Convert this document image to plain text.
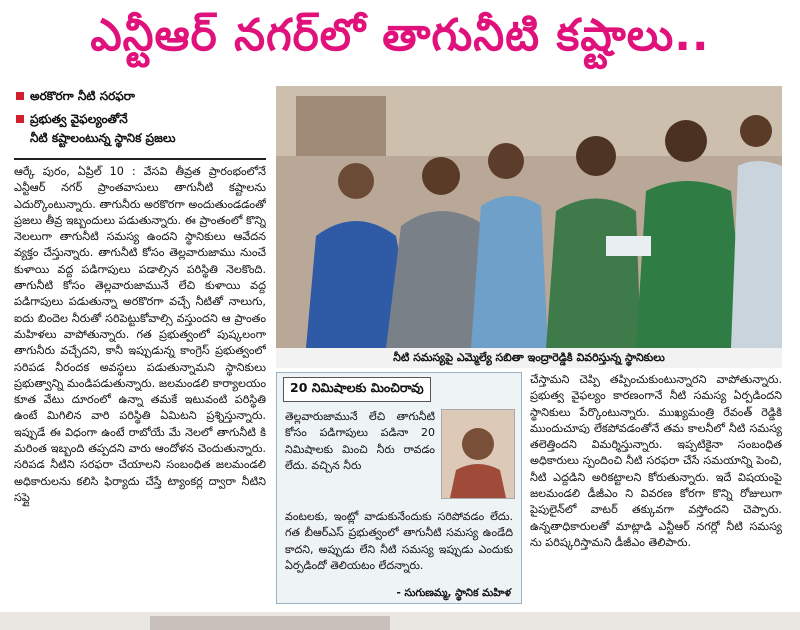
ఎన్టీఆర్ నగర్‌లో తాగునీటి కష్టాలు..
అరకొరగా నీటి సరఫరా
ప్రభుత్వ వైఫల్యంతోనే
నీటి కష్టాలంటున్న స్థానిక ప్రజలు

ఆర్కే పురం, ఏప్రిల్ 10 : వేసవి తీవ్రత ప్రారంభంలోనే ఎన్టీఆర్ నగర్ ప్రాంతవాసులు తాగునీటి కష్టాలను ఎదుర్కొంటున్నారు. తాగునీరు అరకొరగా అందుతుండడంతో ప్రజలు తీవ్ర ఇబ్బందులు పడుతున్నారు. ఈ ప్రాంతంలో కొన్ని నెలలుగా తాగునీటి సమస్య ఉందని స్థానికులు ఆవేదన వ్యక్తం చేస్తున్నారు. తాగునీటి కోసం తెల్లవారుజాము నుంచే కుళాయి వద్ద పడిగాపులు పడాల్సిన పరిస్థితి నెలకొంది. తాగునీటి కోసం తెల్లవారుజామునే లేచి కుళాయి వద్ద పడిగాపులు పడుతున్నా అరకొరగా వచ్చే నీటితో నాలుగు, ఐదు బిందెల నీరుతో సరిపెట్టుకోవాల్సి వస్తుందని ఆ ప్రాంతం మహిళలు వాపోతున్నారు. గత ప్రభుత్వంలో పుష్కలంగా తాగునీరు వచ్చేదని, కానీ ఇప్పుడున్న కాంగ్రెస్ ప్రభుత్వంలో సరిపడ నీరందక అవస్థలు పడుతున్నామని స్థానికులు ప్రభుత్వాన్ని మండిపడుతున్నారు. జలమండలి కార్యాలయం కూత వేటు దూరంలో ఉన్నా తమకే ఇటువంటి పరిస్థితి ఉంటే మిగిలిన వారి పరిస్థితి ఏమిటని ప్రశ్నిస్తున్నారు. ఇప్పుడే ఈ విధంగా ఉంటే రాబోయే మే నెలలో తాగునీటి కి మరింత ఇబ్బంది తప్పదని వారు ఆందోళన చెందుతున్నారు. సరిపడ నీటిని సరఫరా చేయాలని సంబంధిత జలమండలి అధికారులను కలిసి ఫిర్యాదు చేస్తే ట్యాంకర్ల ద్వారా నీటిని సప్లై

నీటి సమస్యపై ఎమ్మెల్యే సబితా ఇంద్రారెడ్డికి వివరిస్తున్న స్థానికులు
20 నిమిషాలకు మించిరావు
తెల్లవారుజామునే లేచి తాగునీటి కోసం పడిగాపులు పడినా 20 నిమిషాలకు మించి నీరు రావడం లేదు. వచ్చిన నీరు
వంటలకు, ఇంట్లో వాడుకునేందుకు సరిపోవడం లేదు. గత బీఆర్ఎస్ ప్రభుత్వంలో తాగునీటి సమస్య ఉండేది కాదని, అప్పుడు లేని నీటి సమస్య ఇప్పుడు ఎందుకు ఏర్పడిందో తెలియటం లేదన్నారు.
- సుగుణమ్మ, స్థానిక మహిళ

చేస్తామని చెప్పి తప్పించుకుంటున్నారని వాపోతున్నారు. ప్రభుత్వ వైఫల్యం కారణంగానే నీటి సమస్య ఏర్పడిందని స్థానికులు పేర్కొంటున్నారు. ముఖ్యమంత్రి రేవంత్ రెడ్డికి ముందుచూపు లేకపోవడంతోనే తమ కాలనీలో నీటి సమస్య తలెత్తిందని విమర్శిస్తున్నారు. ఇప్పటికైనా సంబంధిత అధికారులు స్పందించి నీటి సరఫరా చేసే సమయాన్ని పెంచి, నీటి ఎద్దడిని అరికట్టాలని కోరుతున్నారు. ఇదే విషయంపై జలమండలి డీజీఎం ని వివరణ కోరగా కొన్ని రోజులుగా పైపులైన్‌లో వాటర్ తక్కువగా వస్తోందని చెప్పారు. ఉన్నతాధికారులతో మాట్లాడి ఎన్టీఆర్ నగర్లో నీటి సమస్య ను పరిష్కరిస్తామని డీజీఎం తెలిపారు.
